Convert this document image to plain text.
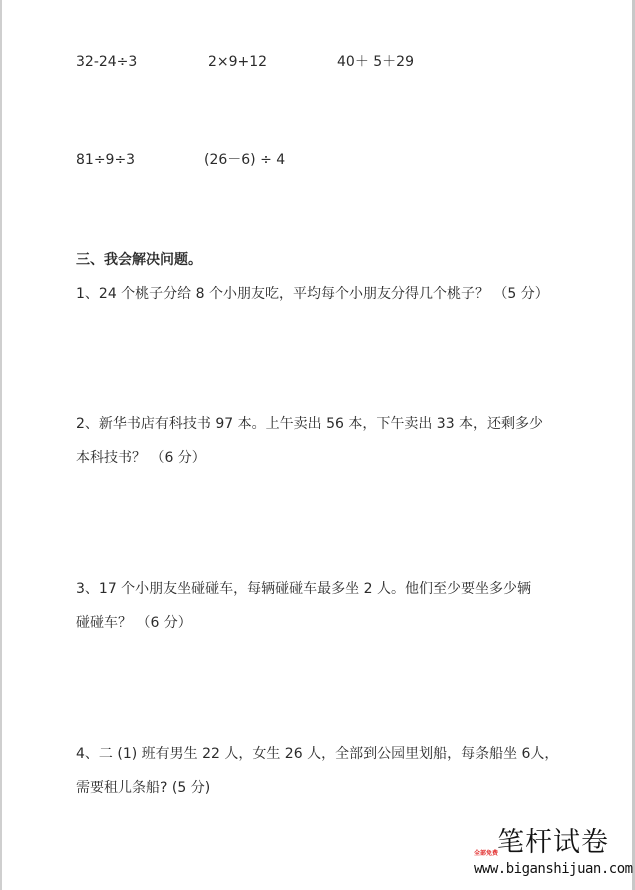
32-24÷3	2×9+12	40＋ 5＋29
81÷9÷3	(26－6) ÷ 4
三、我会解决问题。
1、24 个桃子分给 8 个小朋友吃，平均每个小朋友分得几个桃子？ （5 分）
2、新华书店有科技书 97 本。上午卖出 56 本，下午卖出 33 本，还剩多少
本科技书？ （6 分）
3、17 个小朋友坐碰碰车，每辆碰碰车最多坐 2 人。他们至少要坐多少辆
碰碰车？ （6 分）
4、二 (1) 班有男生 22 人，女生 26 人，全部到公园里划船，每条船坐 6人，
需要租儿条船? (5 分)
笔杆试卷
全部免费
www.biganshijuan.com
